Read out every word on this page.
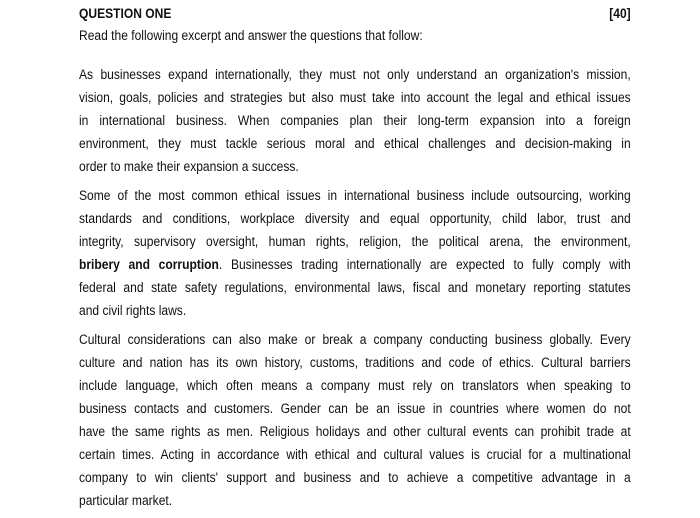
QUESTION ONE	[40]
Read the following excerpt and answer the questions that follow:
As businesses expand internationally, they must not only understand an organization's mission,
vision, goals, policies and strategies but also must take into account the legal and ethical issues
in international business. When companies plan their long-term expansion into a foreign
environment, they must tackle serious moral and ethical challenges and decision-making in
order to make their expansion a success.
Some of the most common ethical issues in international business include outsourcing, working
standards and conditions, workplace diversity and equal opportunity, child labor, trust and
integrity, supervisory oversight, human rights, religion, the political arena, the environment,
bribery and corruption. Businesses trading internationally are expected to fully comply with
federal and state safety regulations, environmental laws, fiscal and monetary reporting statutes
and civil rights laws.
Cultural considerations can also make or break a company conducting business globally. Every
culture and nation has its own history, customs, traditions and code of ethics. Cultural barriers
include language, which often means a company must rely on translators when speaking to
business contacts and customers. Gender can be an issue in countries where women do not
have the same rights as men. Religious holidays and other cultural events can prohibit trade at
certain times. Acting in accordance with ethical and cultural values is crucial for a multinational
company to win clients' support and business and to achieve a competitive advantage in a
particular market.
